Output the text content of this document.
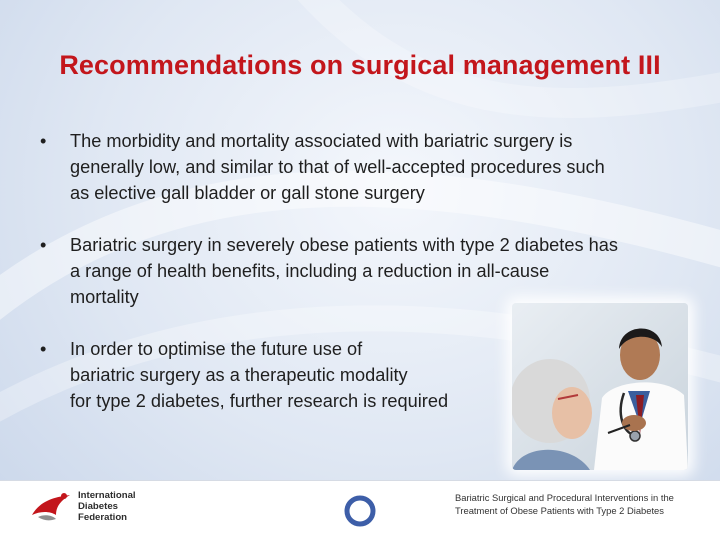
Recommendations on surgical management III
• The morbidity and mortality associated with bariatric surgery is
generally low, and similar to that of well-accepted procedures such
as elective gall bladder or gall stone surgery
• Bariatric surgery in severely obese patients with type 2 diabetes has
a range of health benefits, including a reduction in all-cause
mortality
• In order to optimise the future use of
bariatric surgery as a therapeutic modality
for type 2 diabetes, further research is required
International
Diabetes
Federation
Bariatric Surgical and Procedural Interventions in the
Treatment of Obese Patients with Type 2 Diabetes
